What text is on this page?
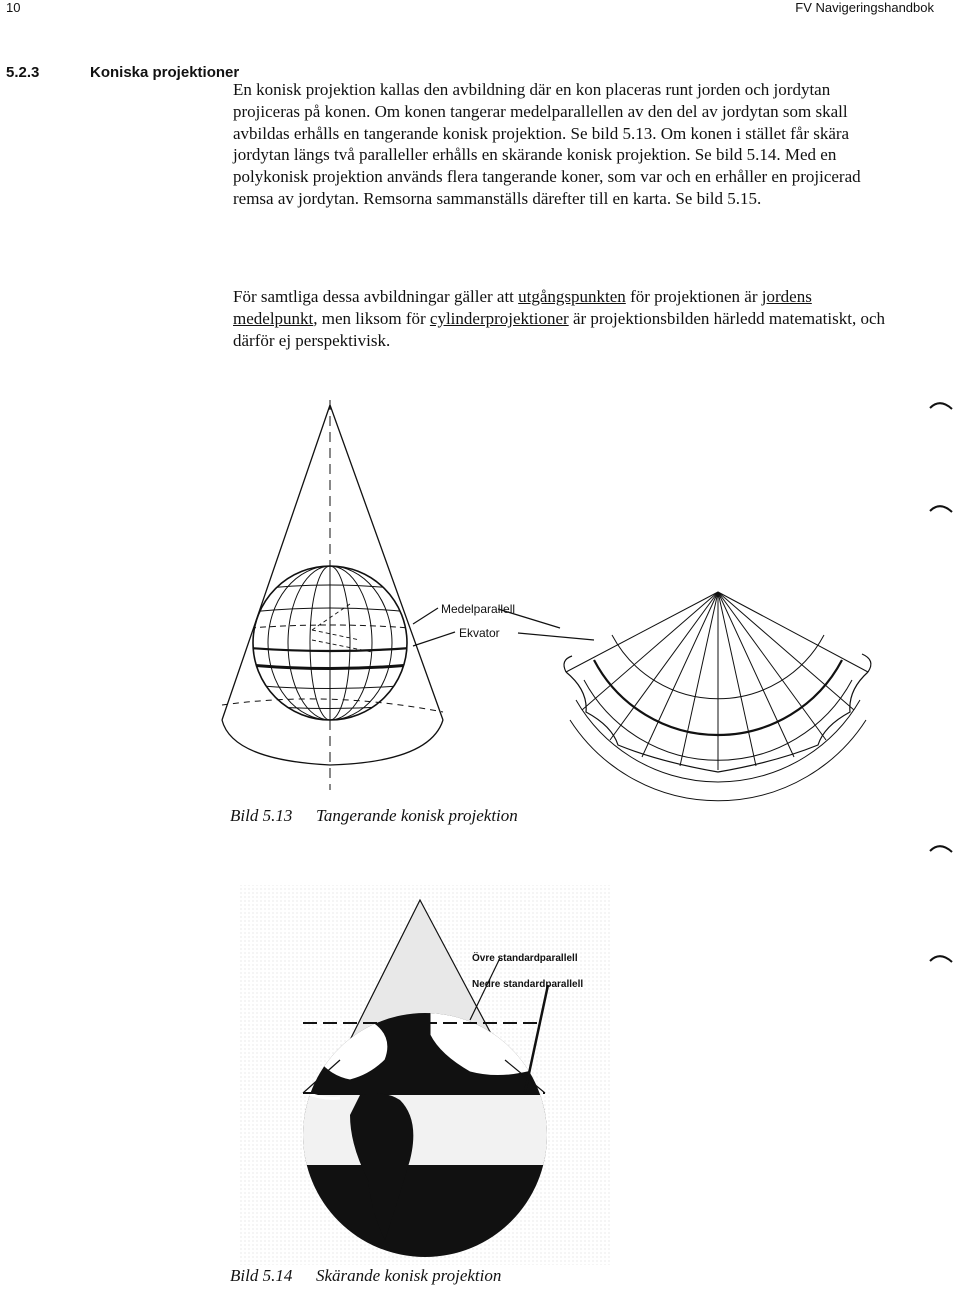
10	FV Navigeringshandbok
5.2.3	Koniska projektioner

En konisk projektion kallas den avbildning där en kon placeras runt jorden och jordytan projiceras på konen. Om konen tangerar medelparallellen av den del av jordytan som skall avbildas erhålls en tangerande konisk projektion. Se bild 5.13. Om konen i stället får skära jordytan längs två paralleller erhålls en skärande konisk projektion. Se bild 5.14. Med en polykonisk projektion används flera tangerande koner, som var och en erhåller en projicerad remsa av jordytan. Remsorna sammanställs därefter till en karta. Se bild 5.15.

För samtliga dessa avbildningar gäller att utgångspunkten för projektionen är jordens medelpunkt, men liksom för cylinderprojektioner är projektionsbilden härledd matematiskt, och därför ej perspektivisk.

Medelparallell
Ekvator
Övre standardparallell
Nedre standardparallell
Bild 5.13 Tangerande konisk projektion
Bild 5.14 Skärande konisk projektion
